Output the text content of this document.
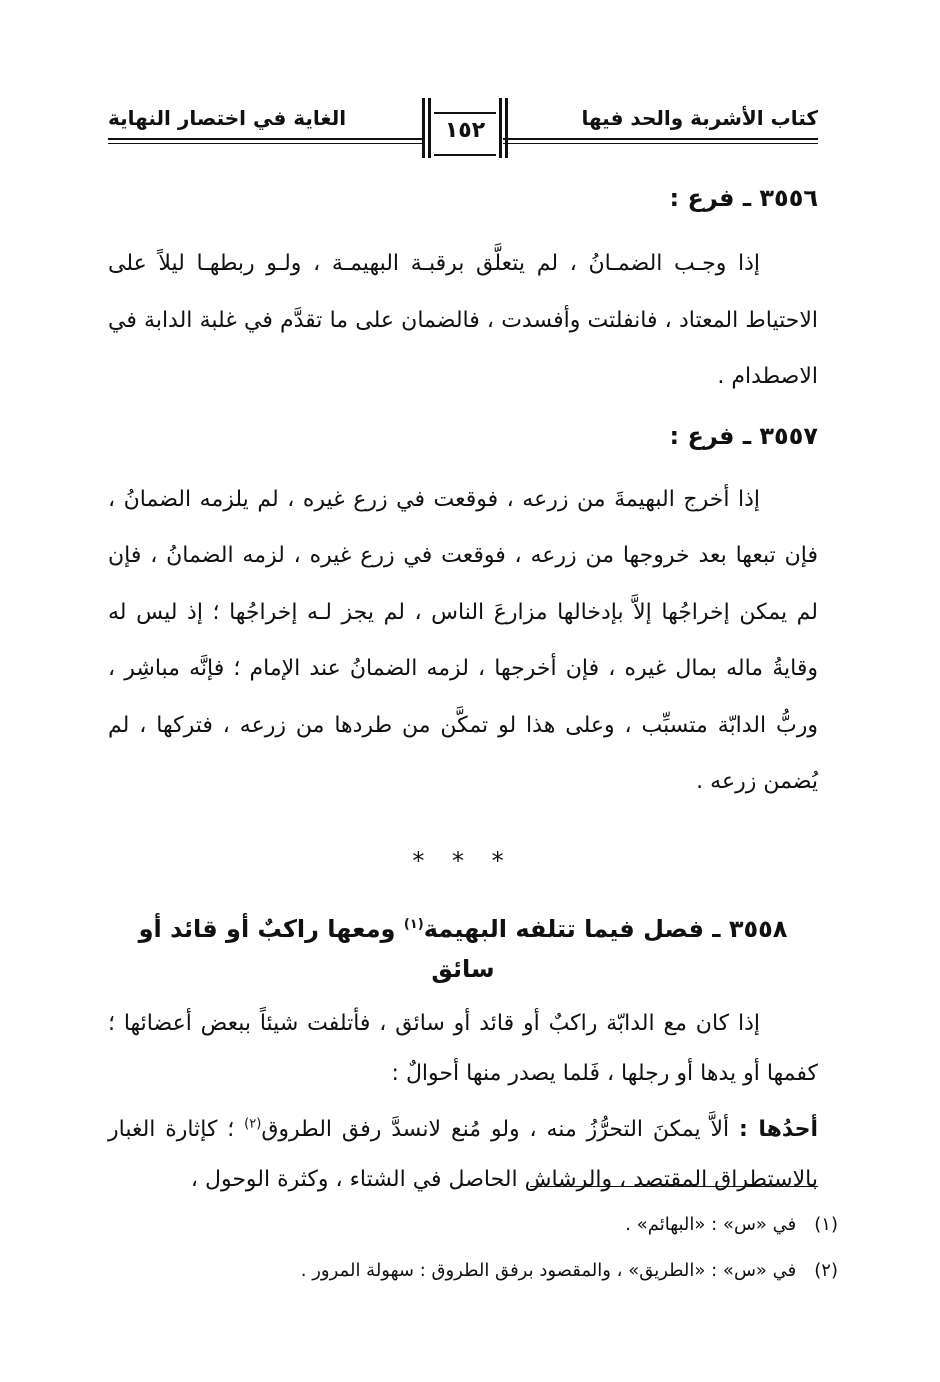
الغاية في اختصار النهاية	كتاب الأشربة والحد فيها
١٥٢

٣٥٥٦ ـ فرع :

إذا وجـب الضمـانُ ، لم يتعلَّق برقبـة البهيمـة ، ولـو ربطهـا ليلاً على الاحتياط المعتاد ، فانفلتت وأفسدت ، فالضمان على ما تقدَّم في غلبة الدابة في الاصطدام .

٣٥٥٧ ـ فرع :

إذا أخرج البهيمةَ من زرعه ، فوقعت في زرع غيره ، لم يلزمه الضمانُ ، فإن تبعها بعد خروجها من زرعه ، فوقعت في زرع غيره ، لزمه الضمانُ ، فإن لم يمكن إخراجُها إلاَّ بإدخالها مزارعَ الناس ، لم يجز لـه إخراجُها ؛ إذ ليس له وقايةُ ماله بمال غيره ، فإن أخرجها ، لزمه الضمانُ عند الإمام ؛ فإنَّه مباشِر ، وربُّ الدابّة متسبِّب ، وعلى هذا لو تمكَّن من طردها من زرعه ، فتركها ، لم يُضمن زرعه .

* * *

٣٥٥٨ ـ فصل فيما تتلفه البهيمة$^{(١)}$ ومعها راكبٌ أو قائد أو سائق

إذا كان مع الدابّة راكبٌ أو قائد أو سائق ، فأتلفت شيئاً ببعض أعضائها ؛ كفمها أو يدها أو رجلها ، فَلما يصدر منها أحوالٌ :

أحدُها : ألاَّ يمكنَ التحرُّزُ منه ، ولو مُنع لانسدَّ رفق الطروق$^{(٢)}$ ؛ كإثارة الغبار بالاستطراق المقتصد ، والرشاش الحاصل في الشتاء ، وكثرة الوحول ،

(١) في «س» : «البهائم» .

(٢) في «س» : «الطريق» ، والمقصود برفق الطروق : سهولة المرور .
